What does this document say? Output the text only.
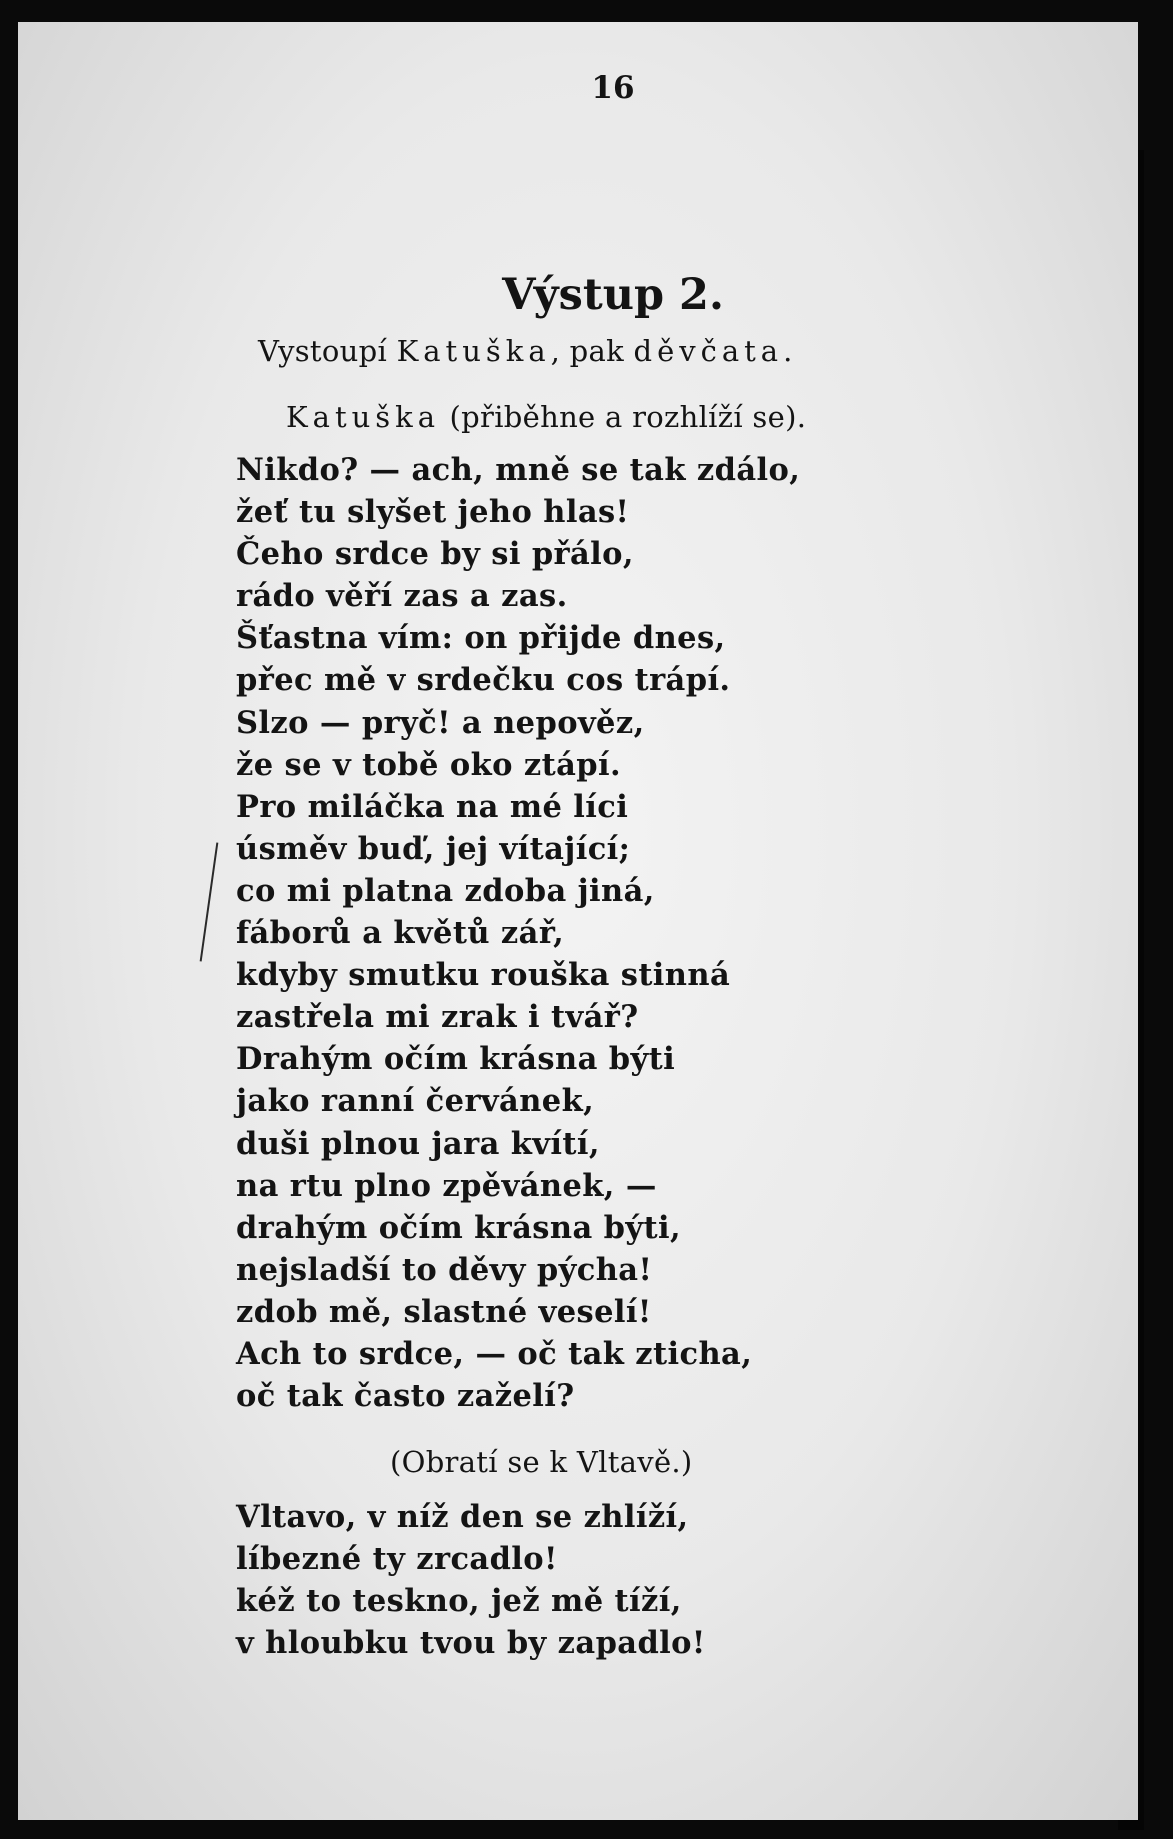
16
Výstup 2.
Vystoupí Katuška, pak děvčata.
Katuška (přiběhne a rozhlíží se).
Nikdo? — ach, mně se tak zdálo,
žeť tu slyšet jeho hlas!
Čeho srdce by si přálo,
rádo věří zas a zas.
Šťastna vím: on přijde dnes,
přec mě v srdečku cos trápí.
Slzo — pryč! a nepověz,
že se v tobě oko ztápí.
Pro miláčka na mé líci
úsměv buď, jej vítající;
co mi platna zdoba jiná,
fáborů a květů zář,
kdyby smutku rouška stinná
zastřela mi zrak i tvář?
Drahým očím krásna býti
jako ranní červánek,
duši plnou jara kvítí,
na rtu plno zpěvánek, —
drahým očím krásna býti,
nejsladší to děvy pýcha!
zdob mě, slastné veselí!
Ach to srdce, — oč tak zticha,
oč tak často zaželí?
(Obratí se k Vltavě.)
Vltavo, v níž den se zhlíží,
líbezné ty zrcadlo!
kéž to teskno, jež mě tíží,
v hloubku tvou by zapadlo!
